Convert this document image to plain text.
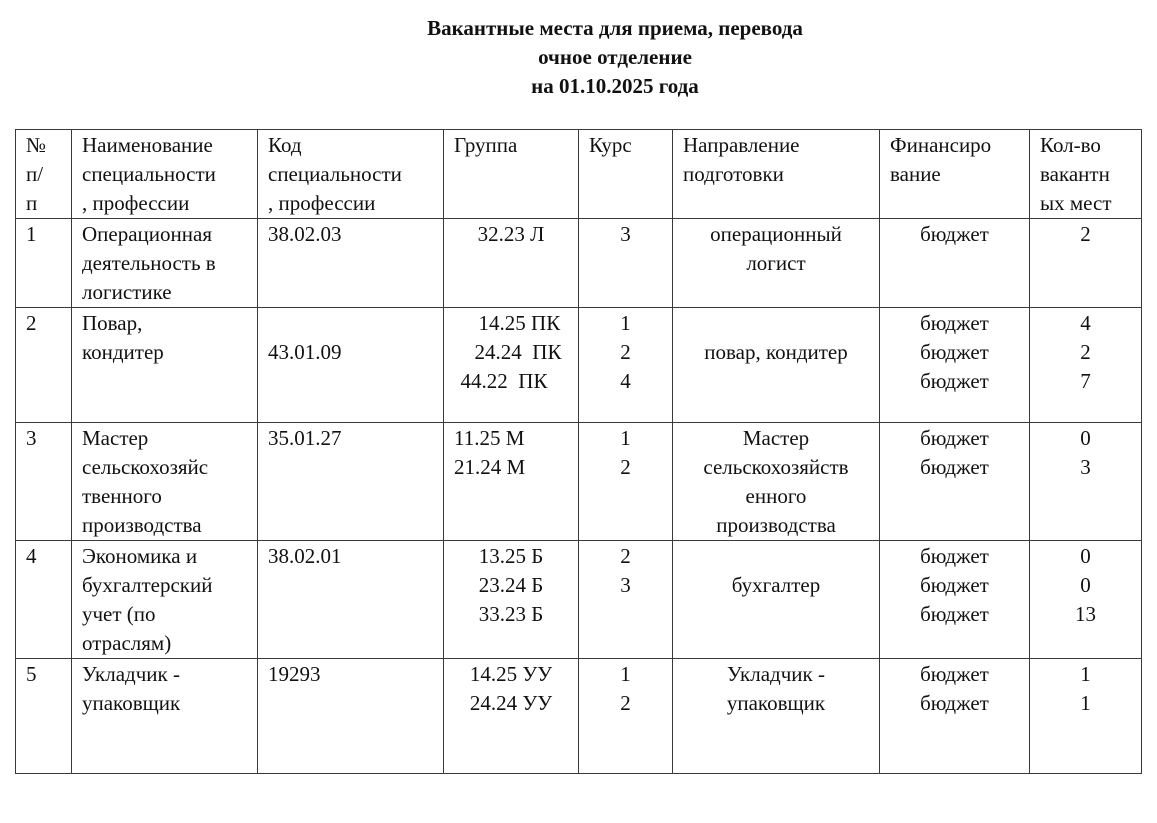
Вакантные места для приема, перевода
очное отделение
на 01.10.2025 года
№
п/
п	Наименование
специальности
, профессии	Код
специальности
, профессии	Группа	Курс	Направление
подготовки	Финансиро
вание	Кол-во
вакантн
ых мест

1	Операционная
деятельность в
логистике	38.02.03	32.23 Л	3	операционный
логист	бюджет	2

2	Повар,
кондитер	43.01.09	14.25 ПК
24.24  ПК
44.22  ПК	1
2
4	повар, кондитер	бюджет
бюджет
бюджет	4
2
7

3	Мастер
сельскохозяйс
твенного
производства	35.01.27	11.25 М
21.24 М	1
2	Мастер
сельскохозяйств
енного
производства	бюджет
бюджет	0
3

4	Экономика и
бухгалтерский
учет (по
отраслям)	38.02.01	13.25 Б
23.24 Б
33.23 Б	2
3	бухгалтер	бюджет
бюджет
бюджет	0
0
13

5	Укладчик -
упаковщик	19293	14.25 УУ
24.24 УУ	1
2	Укладчик -
упаковщик	бюджет
бюджет	1
1
